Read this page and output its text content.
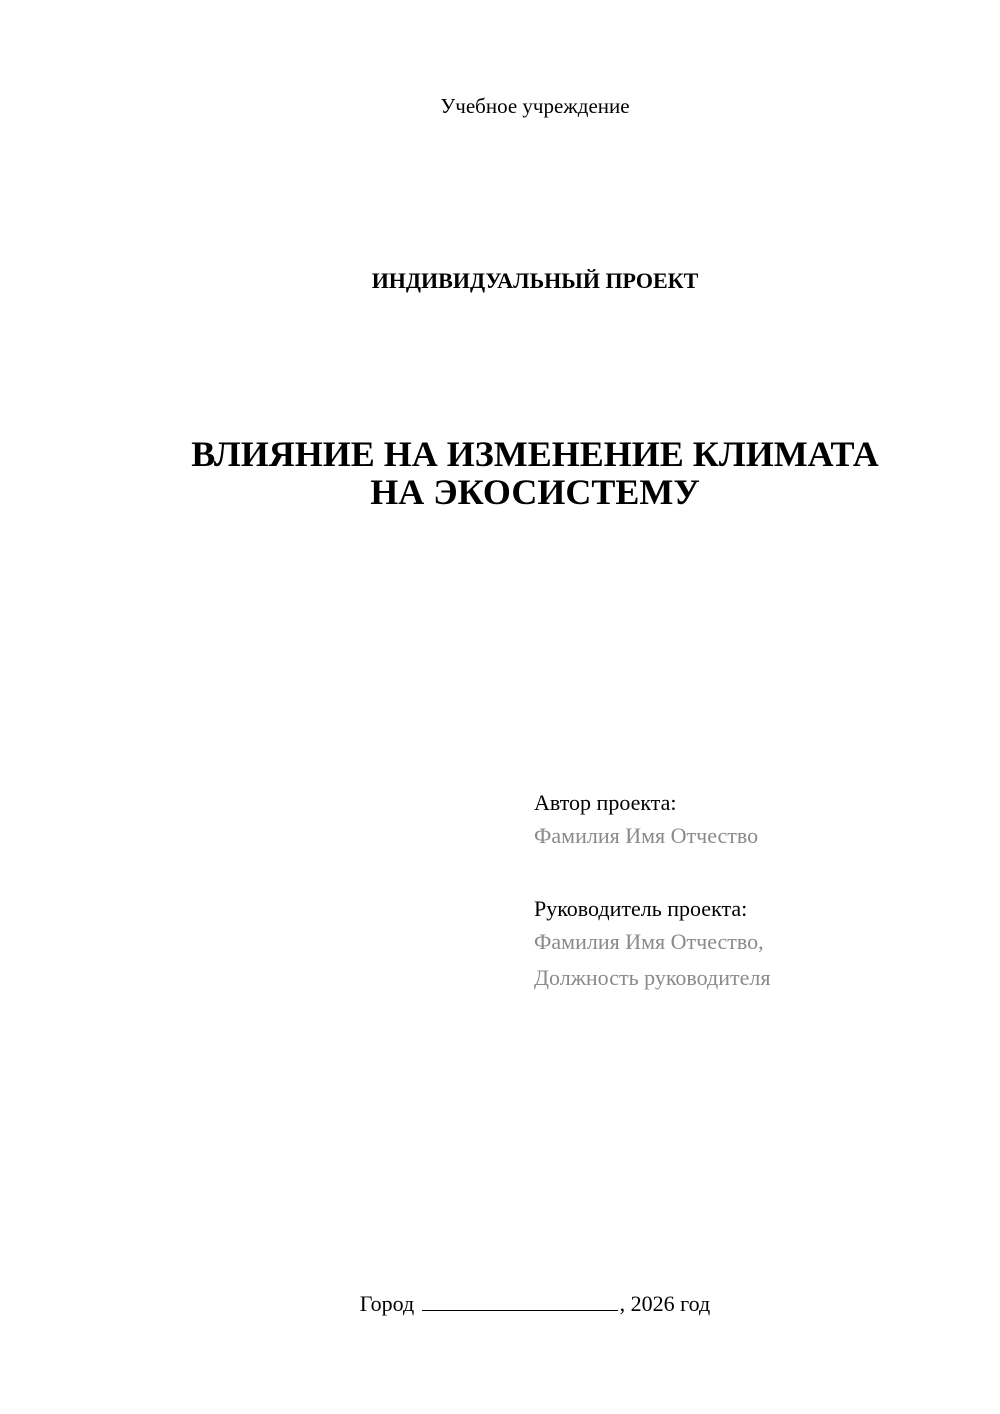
Учебное учреждение

ИНДИВИДУАЛЬНЫЙ ПРОЕКТ

ВЛИЯНИЕ НА ИЗМЕНЕНИЕ КЛИМАТА
НА ЭКОСИСТЕМУ
Автор проекта:
Фамилия Имя Отчество
Руководитель проекта:
Фамилия Имя Отчество,
Должность руководителя

Город	, 2026 год
